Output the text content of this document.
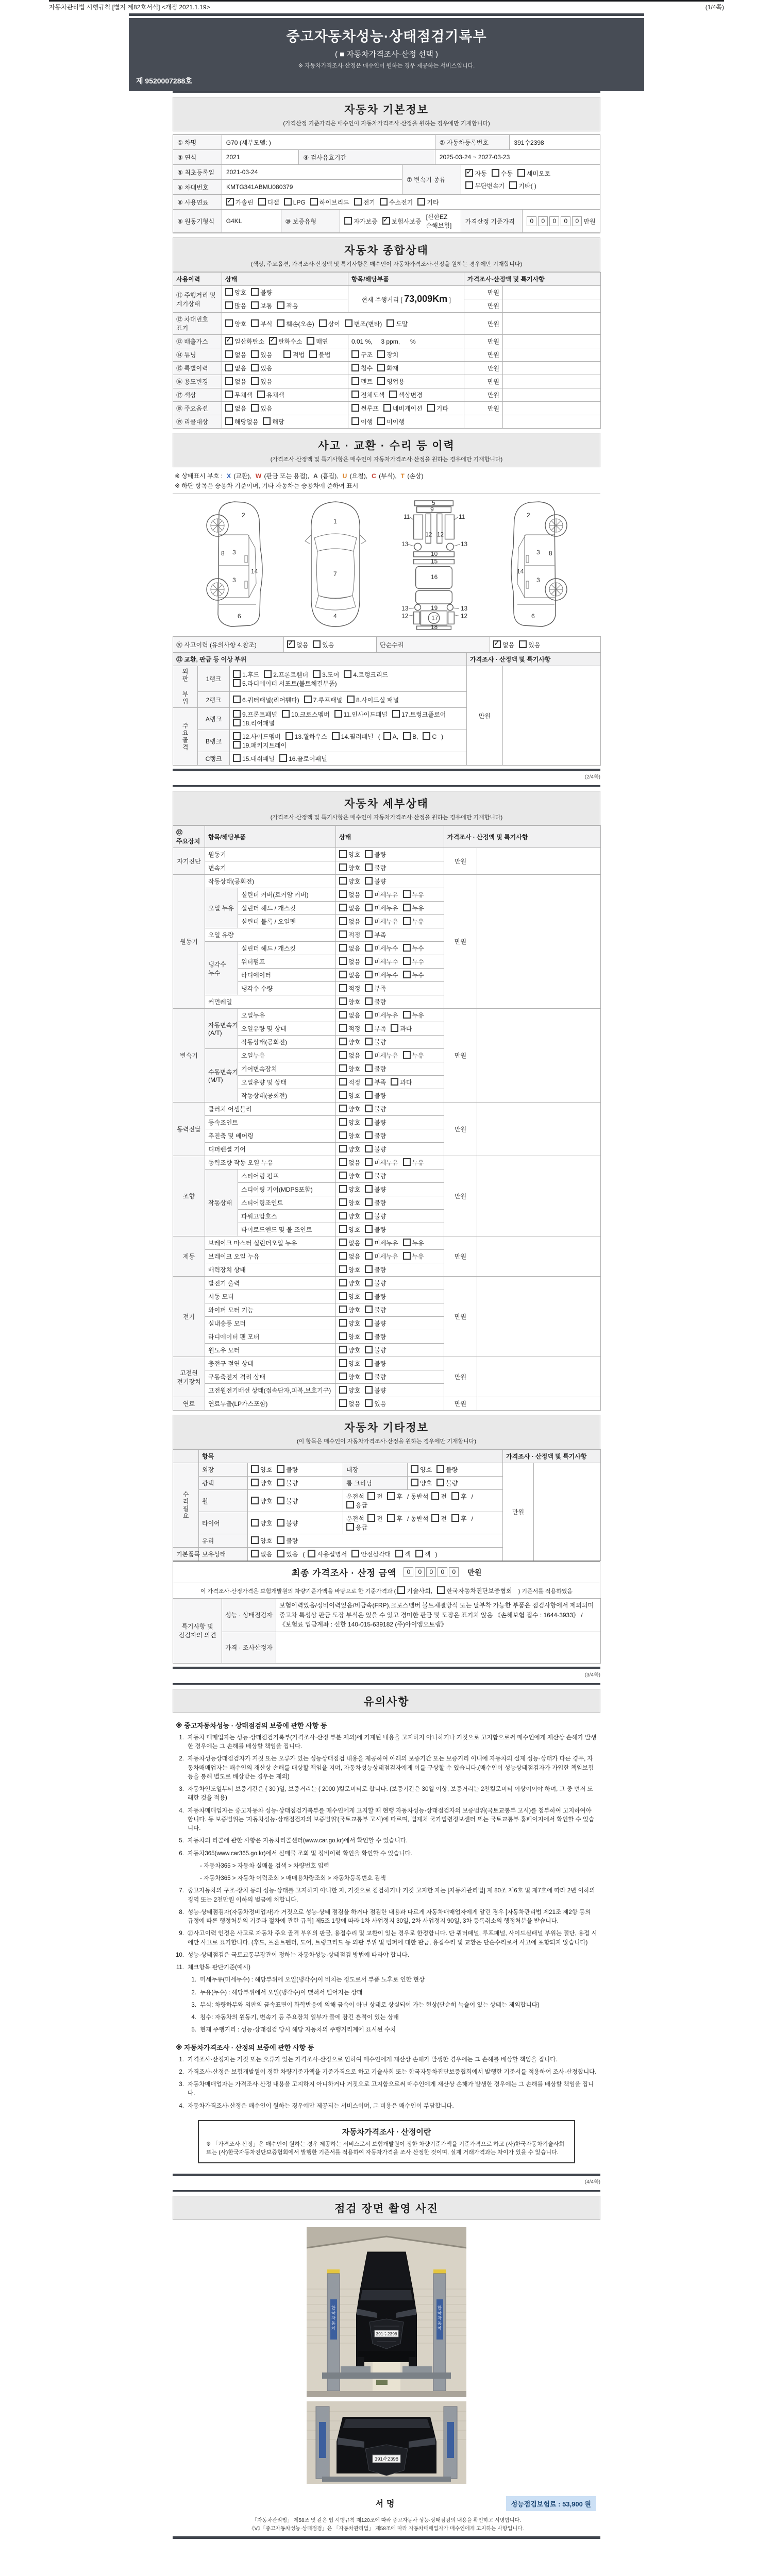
자동차관리법 시행규칙 [별지 제82호서식] <개정 2021.1.19>	(1/4쪽)
중고자동차성능·상태점검기록부
( ■ 자동차가격조사·산정 선택 )
※ 자동차가격조사·산정은 매수인이 원하는 경우 제공하는 서비스입니다.
제 9520007288호
자동차 기본정보
(가격산정 기준가격은 매수인이 자동차가격조사·산정을 원하는 경우에만 기재합니다)
① 차명	G70 (세부모델: )	② 자동차등록번호	391수2398
③ 연식	2021	④ 검사유효기간	2025-03-24 ~ 2027-03-23
⑤ 최초등록일	2021-03-24
⑥ 차대번호	KMTG341ABMU080379
⑦ 변속기 종류
✓자동	수동	세미오토
무단변속기	기타( )
⑧ 사용연료 ✓	가솔린	디젤	LPG	하이브리드	전기	수소전기	기타
⑨ 원동기형식	G4KL	⑩ 보증유형	자가보증 ✓	보험사보증
[신한EZ손해보험]
가격산정 기준가격	0 0 0 0 0 만원
자동차 종합상태
(색상, 주요옵션, 가격조사·산정액 및 특기사항은 매수인이 자동차가격조사·산정을 원하는 경우에만 기재합니다)
사용이력	상태	항목/해당부품	가격조사·산정액 및 특기사항	
⑪ 주행거리 및 계기상태	양호 불량	현재 주행거리 [ 73,009Km ]	만원	
	많음 보통 적음		만원	
⑫ 차대번호 표기	양호 부식 훼손(오손) 상이 변조(변타) 도말		만원	
⑬ 배출가스	✓일산화탄소 ✓ 탄화수소 매연	0.01 %,     3 ppm,      %	만원	
⑭ 튜닝	없음 있음 적법 불법	구조 장치	만원	
⑮ 특별이력	없음 있음	침수 화재	만원	
⑯ 용도변경	없음 있음	렌트 영업용	만원	
⑰ 색상	무채색 유채색	전체도색 색상변경	만원	
⑱ 주요옵션	없음 있음	썬루프 네비게이션 기타	만원	
⑲ 리콜대상	해당없음 해당	이행 미이행		
사고 · 교환 · 수리 등 이력
(가격조사·산정액 및 특기사항은 매수인이 자동차가격조사·산정을 원하는 경우에만 기재합니다)
※ 상태표시 부호 : X (교환), W (판금 또는 용접), A (흠집), U (요철), C (부식), T (손상)
※ 하단 항목은 승용차 기준이며, 기타 자동차는 승용차에 준하여 표시
2
8 3
14
3
6
1
7
4
5
9
11	11
12 12
13	13
10
15
16
13	13
19
17
12	12
18
2
8
3
14
3
6
⑳ 사고이력 (유의사항 4.참조)	✓없음 있음	단순수리	✓없음 있음
㉑ 교환, 판금 등 이상 부위			가격조사 · 산정액 및 특기사항	

외판 부위	1랭크	1.후드 2.프론트휀더 3.도어 4.트렁크리드5.라디에이터 서포트(볼트체결부품)	만원	
	2랭크	6.쿼터패널(리어휀다) 7.루프패널 8.사이드실 패널		

주요골격	A랭크	9.프론트패널 10.크로스멤버 11.인사이드패널 17.트렁크플로어18.리어패널		
	B랭크	12.사이드멤버 13.휠하우스 14.필러패널 ( A, B, C )19.패키지트레이		
	C랭크	15.대쉬패널 16.플로어패널		
(2/4쪽)
자동차 세부상태
(가격조사·산정액 및 특기사항은 매수인이 자동차가격조사·산정을 원하는 경우에만 기재합니다)
㉒ 주요장치	항목/해당부품		상태	가격조사 · 산정액 및 특기사항	
자기진단	원동기		양호 불량	만원	
	변속기		양호 불량		
원동기	작동상태(공회전)		양호 불량	만원	
	오일 누유	실린더 커버(로커암 커버)	없음 미세누유 누유		
		실린더 헤드 / 개스킷	없음 미세누유 누유		
		실린더 블록 / 오일팬	없음 미세누유 누유		
	오일 유량		적정 부족		
	냉각수 누수	실린더 헤드 / 개스킷	없음 미세누수 누수		
		워터펌프	없음 미세누수 누수		
		라디에이터	없음 미세누수 누수		
		냉각수 수량	적정 부족		
	커먼레일		양호 불량		
변속기	자동변속기 (A/T)	오일누유	없음 미세누유 누유	만원	
		오일유량 및 상태	적정 부족 과다		
		작동상태(공회전)	양호 불량		
	수동변속기 (M/T)	오일누유	없음 미세누유 누유		
		기어변속장치	양호 불량		
		오일유량 및 상태	적정 부족 과다		
		작동상태(공회전)	양호 불량		
동력전달	클러치 어셈블리		양호 불량	만원	
	등속조인트		양호 불량		
	추진축 및 베어링		양호 불량		
	디퍼렌셜 기어		양호 불량		
조향	동력조향 작동 오일 누유		없음 미세누유 누유	만원	
	작동상태	스티어링 펌프	양호 불량		
		스티어링 기어(MDPS포함)	양호 불량		
		스티어링조인트	양호 불량		
		파워고압호스	양호 불량		
		타이로드엔드 및 볼 조인트	양호 불량		
제동	브레이크 마스터 실린더오일 누유		없음 미세누유 누유	만원	
	브레이크 오일 누유		없음 미세누유 누유		
	배력장치 상태		양호 불량		
전기	발전기 출력		양호 불량	만원	
	시동 모터		양호 불량		
	와이퍼 모터 기능		양호 불량		
	실내송풍 모터		양호 불량		
	라디에이터 팬 모터		양호 불량		
	윈도우 모터		양호 불량		
고전원 전기장치	충전구 절연 상태		양호 불량	만원	
	구동축전지 격리 상태		양호 불량		
	고전원전기배선 상태(접속단자,피복,보호기구)		양호 불량		
연료	연료누출(LP가스포함)		없음 있음	만원	
자동차 기타정보
(이 항목은 매수인이 자동차가격조사·산정을 원하는 경우에만 기재합니다)
	항목				가격조사 · 산정액 및 특기사항	

수리필요	외장	양호 불량	내장	양호 불량	만원	
	광택	양호 불량	룸 크리닝	양호 불량		
	휠	양호 불량	운전석 전 후 / 동반석 전 후 /응급			
	타이어	양호 불량	운전석 전 후 / 동반석 전 후 /응급			
	유리	양호 불량				
기본품목	보유상태	없음 있음 ( 사용설명서 안전삼각대 잭 잭 )				
최종 가격조사 · 산정 금액	0 0 0 0 0	만원
이 가격조사·산정가격은 보험개발원의 차량기준가액을 바탕으로 한 기준가격과 ( 기술사회, 한국자동차진단보증협회 ) 기준서를 적용하였음
특기사항 및 점검자의 의견	성능 · 상태점검자	보험이력있음/정비이력있음/비금속(FRP),크로스멤버 볼트체결방식 또는 탈부착 가능한 부품은 점검사항에서 제외되며 중고차 특성상 판금 도장 부식은 있을 수 있고 경미한 판금 및 도장은 표기치 않음 《손해보험 접수 : 1644-3933》 / 《보험료 입금계좌 : 신한 140-015-639182 (주)아이엠오토랩》
	가격 · 조사산정자	
(3/4쪽)
유의사항
※ 중고자동차성능 · 상태점검의 보증에 관한 사항 등
1. 자동차 매매업자는 성능·상태점검기록부(가격조사·산정 부분 제외)에 기재된 내용을 고지하지 아니하거나 거짓으로 고지함으로써 매수인에게 재산상 손해가 발생한 경우에는 그 손해를 배상할 책임을 집니다.
2. 자동차성능상태점검자가 거짓 또는 오류가 있는 성능상태점검 내용을 제공하여 아래의 보증기간 또는 보증거리 이내에 자동차의 실제 성능·상태가 다른 경우, 자동차매매업자는 매수인의 재산상 손해를 배상할 책임을 지며, 자동차성능상태점검자에게 이를 구상할 수 있습니다.(매수인이 성능상태점검자가 가입한 책임보험 등을 통해 별도로 배상받는 경우는 제외)
3. 자동차인도일부터 보증기간은 ( 30 )일, 보증거리는 ( 2000 )킬로미터로 합니다. (보증기간은 30일 이상, 보증거리는 2천킬로미터 이상이어야 하며, 그 중 먼저 도래한 것을 적용)
4. 자동차매매업자는 중고자동차 성능·상태점검기록부를 매수인에게 고지할 때 현행 자동차성능·상태점검자의 보증범위(국토교통부 고시)를 첨부하여 고지하여야 합니다. 동 보증범위는 '자동차성능·상태점검자의 보증범위'(국토교통부 고시)에 따르며, 법제처 국가법령정보센터 또는 국토교통부 홈페이지에서 확인할 수 있습니다.
5. 자동차의 리콜에 관한 사항은 자동차리콜센터(www.car.go.kr)에서 확인할 수 있습니다.
6. 자동차365(www.car365.go.kr)에서 실매물 조회 및 정비이력 확인을 확인할 수 있습니다.
- 자동차365 > 자동차 실매물 검색 > 차량번호 입력
- 자동차365 > 자동차 이력조회 > 매매용차량조회 > 자동차등록번호 검색
7. 중고자동차의 구조·장치 등의 성능·상태를 고지하지 아니한 자, 거짓으로 점검하거나 거짓 고지한 자는 [자동차관리법] 제 80조 제6호 및 제7호에 따라 2년 이하의 징역 또는 2천만원 이하의 벌금에 처합니다.
8. 성능·상태점검자(자동차정비업자)가 거짓으로 성능·상태 점검을 하거나 점검한 내용과 다르게 자동차매매업자에게 알린 경우 [자동차관리법 제21조 제2항 등의 규정에 따른 행정처분의 기준과 절차에 관한 규칙] 제5조 1항에 따라 1차 사업정지 30일, 2차 사업정지 90일, 3차 등록취소의 행정처분을 받습니다.
9. ⑳사고이력 인정은 사고로 자동차 주요 골격 부위의 판금, 용접수리 및 교환이 있는 경우로 한정합니다. 단 쿼터패널, 루프패널, 사이드실패널 부위는 절단, 용접 시에만 사고로 표기합니다. (후드, 프론트펜더, 도어, 트렁크리드 등 외판 부위 및 범퍼에 대한 판금, 용접수리 및 교환은 단순수리로서 사고에 포함되지 않습니다)
10. 성능·상태점검은 국토교통부장관이 정하는 자동차성능·상태점검 방법에 따라야 합니다.
11. 체크항목 판단기준(예시)
1. 미세누유(미세누수) : 해당부위에 오일(냉각수)이 비치는 정도로서 부품 노후로 인한 현상
2. 누유(누수) : 해당부위에서 오일(냉각수)이 맺혀서 떨어지는 상태
3. 부식: 차량하부와 외판의 금속표면이 화학반응에 의해 금속이 아닌 상태로 상실되어 가는 현상(단순히 녹슬어 있는 상태는 제외합니다)
4. 침수: 자동차의 원동기, 변속기 등 주요장치 일부가 물에 잠긴 흔적이 있는 상태
5. 현재 주행거리 : 성능·상태점검 당시 해당 자동차의 주행거리계에 표시된 수치
※ 자동차가격조사 · 산정의 보증에 관한 사항 등
1. 가격조사·산정자는 거짓 또는 오류가 있는 가격조사·산정으로 인하여 매수인에게 재산상 손해가 발생한 경우에는 그 손해를 배상할 책임을 집니다.
2. 가격조사·산정은 보험개발원이 정한 차량기준가액을 기준가격으로 하고 기술사회 또는 한국자동차진단보증협회에서 발행한 기준서를 적용하여 조사·산정합니다.
3. 자동차매매업자는 가격조사·산정 내용을 고지하지 아니하거나 거짓으로 고지함으로써 매수인에게 재산상 손해가 발생한 경우에는 그 손해를 배상할 책임을 집니다.
4. 자동차가격조사·산정은 매수인이 원하는 경우에만 제공되는 서비스이며, 그 비용은 매수인이 부담합니다.
자동차가격조사 · 산정이란
※ 「가격조사·산정」은 매수인이 원하는 경우 제공하는 서비스로서 보험개발원이 정한 차량기준가액을 기준가격으로 하고 (사)한국자동차기술사회 또는 (사)한국자동차진단보증협회에서 발행한 기준서를 적용하여 자동차가격을 조사·산정한 것이며, 실제 거래가격과는 차이가 있을 수 있습니다.
(4/4쪽)
점검 장면 촬영 사진
한국자동차	한국자동차
391수2398
391수2398
서명	성능점검보험료 : 53,900 원
「자동차관리법」 제58조 및 같은 법 시행규칙 제120조에 따라 중고자동차 성능·상태점검의 내용을 확인하고 서명합니다.
《Ⅴ》「중고자동차성능·상태점검」은 「자동차관리법」 제58조에 따라 자동차매매업자가 매수인에게 고지하는 사항입니다.
